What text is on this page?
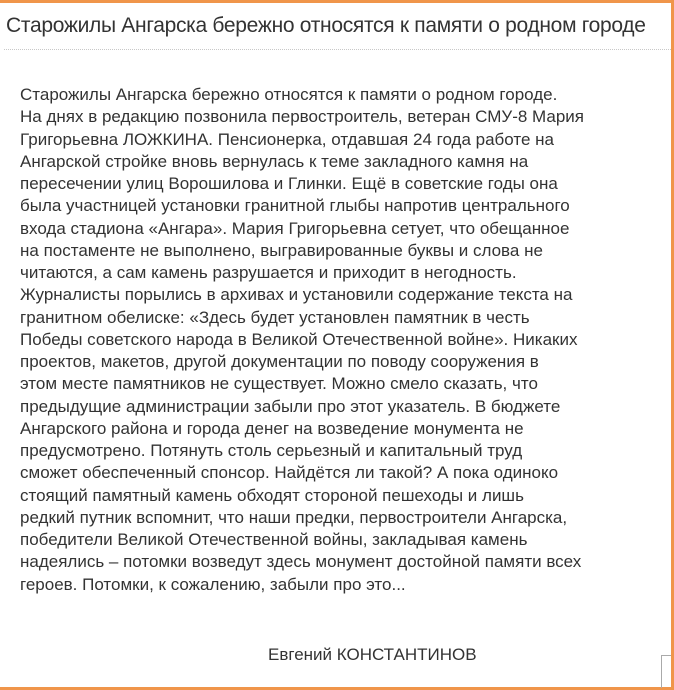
Старожилы Ангарска бережно относятся к памяти о родном городе
Старожилы Ангарска бережно относятся к памяти о родном городе.
На днях в редакцию позвонила первостроитель, ветеран СМУ-8 Мария
Григорьевна ЛОЖКИНА. Пенсионерка, отдавшая 24 года работе на
Ангарской стройке вновь вернулась к теме закладного камня на
пересечении улиц Ворошилова и Глинки. Ещё в советские годы она
была участницей установки гранитной глыбы напротив центрального
входа стадиона «Ангара». Мария Григорьевна сетует, что обещанное
на постаменте не выполнено, выгравированные буквы и слова не
читаются, а сам камень разрушается и приходит в негодность.
Журналисты порылись в архивах и установили содержание текста на
гранитном обелиске: «Здесь будет установлен памятник в честь
Победы советского народа в Великой Отечественной войне». Никаких
проектов, макетов, другой документации по поводу сооружения в
этом месте памятников не существует. Можно смело сказать, что
предыдущие администрации забыли про этот указатель. В бюджете
Ангарского района и города денег на возведение монумента не
предусмотрено. Потянуть столь серьезный и капитальный труд
сможет обеспеченный спонсор. Найдётся ли такой? А пока одиноко
стоящий памятный камень обходят стороной пешеходы и лишь
редкий путник вспомнит, что наши предки, первостроители Ангарска,
победители Великой Отечественной войны, закладывая камень
надеялись – потомки возведут здесь монумент достойной памяти всех
героев. Потомки, к сожалению, забыли про это...
Евгений КОНСТАНТИНОВ
